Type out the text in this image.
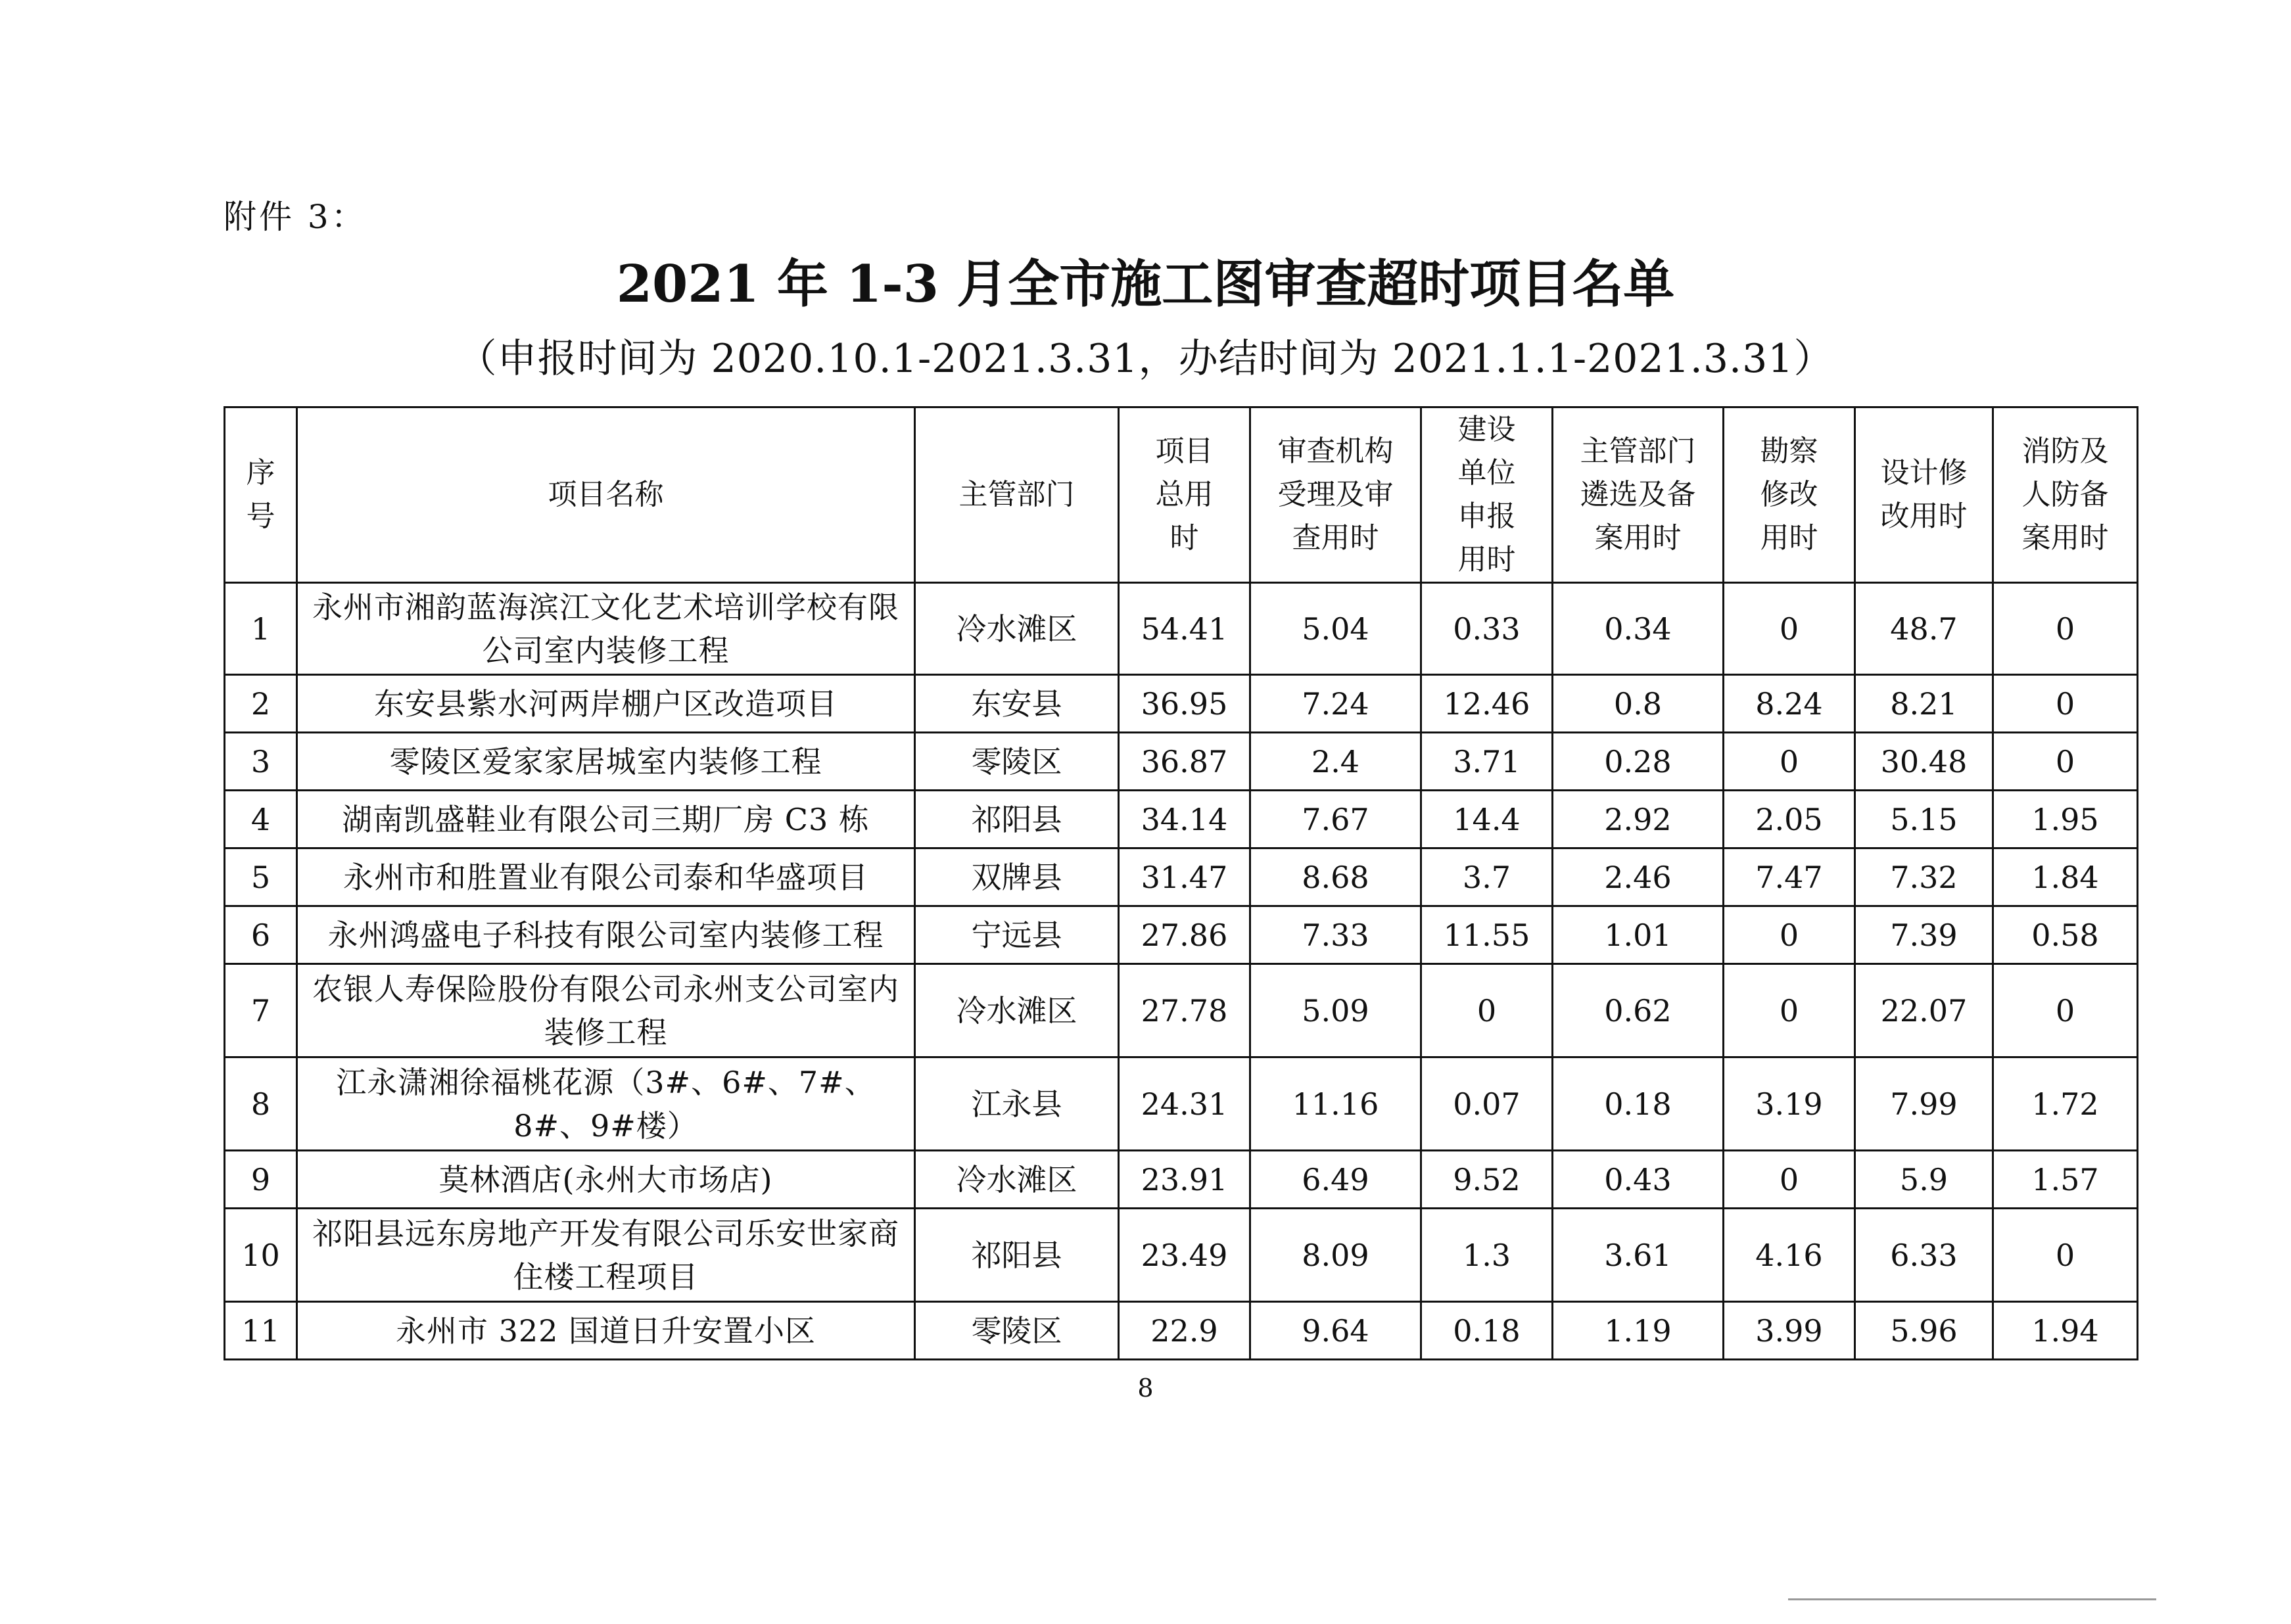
附件 3：
2021 年 1-3 月全市施工图审查超时项目名单
（申报时间为 2020.10.1-2021.3.31，办结时间为 2021.1.1-2021.3.31）
序号	项目名称	主管部门	项目总用时	审查机构受理及审查用时	建设单位申报用时	主管部门遴选及备案用时	勘察修改用时	设计修改用时	消防及人防备案用时
1	永州市湘韵蓝海滨江文化艺术培训学校有限公司室内装修工程	冷水滩区	54.41	5.04	0.33	0.34	0	48.7	0
2	东安县紫水河两岸棚户区改造项目	东安县	36.95	7.24	12.46	0.8	8.24	8.21	0
3	零陵区爱家家居城室内装修工程	零陵区	36.87	2.4	3.71	0.28	0	30.48	0
4	湖南凯盛鞋业有限公司三期厂房 C3 栋	祁阳县	34.14	7.67	14.4	2.92	2.05	5.15	1.95
5	永州市和胜置业有限公司泰和华盛项目	双牌县	31.47	8.68	3.7	2.46	7.47	7.32	1.84
6	永州鸿盛电子科技有限公司室内装修工程	宁远县	27.86	7.33	11.55	1.01	0	7.39	0.58
7	农银人寿保险股份有限公司永州支公司室内装修工程	冷水滩区	27.78	5.09	0	0.62	0	22.07	0
8	江永潇湘徐福桃花源（3#、6#、7#、8#、9#楼）	江永县	24.31	11.16	0.07	0.18	3.19	7.99	1.72
9	莫林酒店(永州大市场店)	冷水滩区	23.91	6.49	9.52	0.43	0	5.9	1.57
10	祁阳县远东房地产开发有限公司乐安世家商住楼工程项目	祁阳县	23.49	8.09	1.3	3.61	4.16	6.33	0
11	永州市 322 国道日升安置小区	零陵区	22.9	9.64	0.18	1.19	3.99	5.96	1.94
8
